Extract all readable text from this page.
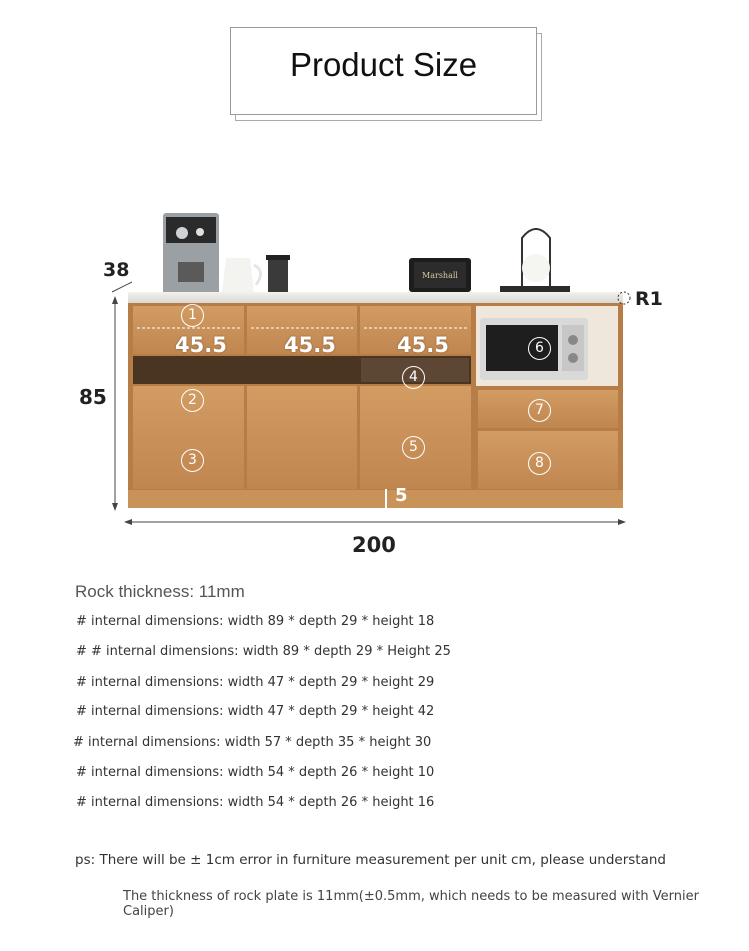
Product Size
Marshall
38
85
200
R1
5
45.5	45.5	45.5
1
2
3
4
5
6
7
8
Rock thickness: 11mm
# internal dimensions: width 89 * depth 29 * height 18
# # internal dimensions: width 89 * depth 29 * Height 25
# internal dimensions: width 47 * depth 29 * height 29
# internal dimensions: width 47 * depth 29 * height 42
# internal dimensions: width 57 * depth 35 * height 30
# internal dimensions: width 54 * depth 26 * height 10
# internal dimensions: width 54 * depth 26 * height 16
ps: There will be ± 1cm error in furniture measurement per unit cm, please understand
The thickness of rock plate is 11mm(±0.5mm, which needs to be measured with Vernier Caliper)
